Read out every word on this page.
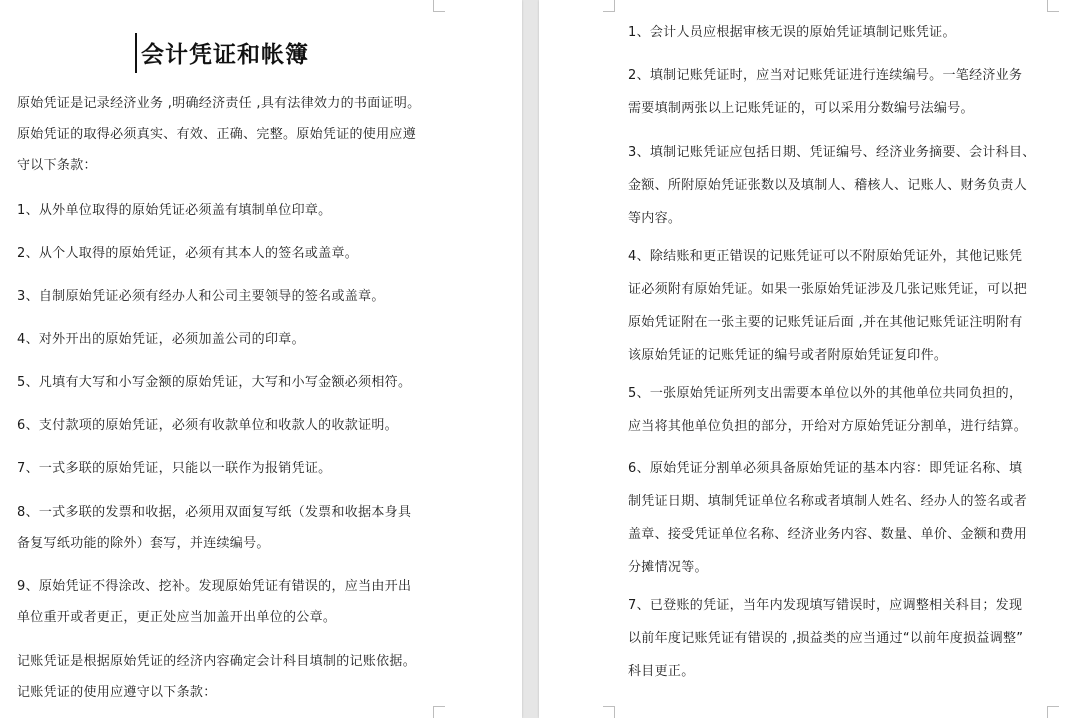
会计凭证和帐簿

原始凭证是记录经济业务 ,明确经济责任 ,具有法律效力的书面证明。
原始凭证的取得必须真实、有效、正确、完整。原始凭证的使用应遵
守以下条款：

1、从外单位取得的原始凭证必须盖有填制单位印章。

2、从个人取得的原始凭证，必须有其本人的签名或盖章。

3、自制原始凭证必须有经办人和公司主要领导的签名或盖章。

4、对外开出的原始凭证，必须加盖公司的印章。

5、凡填有大写和小写金额的原始凭证，大写和小写金额必须相符。

6、支付款项的原始凭证，必须有收款单位和收款人的收款证明。

7、一式多联的原始凭证，只能以一联作为报销凭证。

8、一式多联的发票和收据，必须用双面复写纸（发票和收据本身具
备复写纸功能的除外）套写，并连续编号。

9、原始凭证不得涂改、挖补。发现原始凭证有错误的，应当由开出
单位重开或者更正，更正处应当加盖开出单位的公章。

记账凭证是根据原始凭证的经济内容确定会计科目填制的记账依据。
记账凭证的使用应遵守以下条款：

1、会计人员应根据审核无误的原始凭证填制记账凭证。

2、填制记账凭证时，应当对记账凭证进行连续编号。一笔经济业务
需要填制两张以上记账凭证的，可以采用分数编号法编号。

3、填制记账凭证应包括日期、凭证编号、经济业务摘要、会计科目、
金额、所附原始凭证张数以及填制人、稽核人、记账人、财务负责人
等内容。

4、除结账和更正错误的记账凭证可以不附原始凭证外，其他记账凭
证必须附有原始凭证。如果一张原始凭证涉及几张记账凭证，可以把
原始凭证附在一张主要的记账凭证后面 ,并在其他记账凭证注明附有
该原始凭证的记账凭证的编号或者附原始凭证复印件。

5、一张原始凭证所列支出需要本单位以外的其他单位共同负担的，
应当将其他单位负担的部分，开给对方原始凭证分割单，进行结算。

6、原始凭证分割单必须具备原始凭证的基本内容：即凭证名称、填
制凭证日期、填制凭证单位名称或者填制人姓名、经办人的签名或者
盖章、接受凭证单位名称、经济业务内容、数量、单价、金额和费用
分摊情况等。

7、已登账的凭证，当年内发现填写错误时，应调整相关科目；发现
以前年度记账凭证有错误的 ,损益类的应当通过“以前年度损益调整”
科目更正。
